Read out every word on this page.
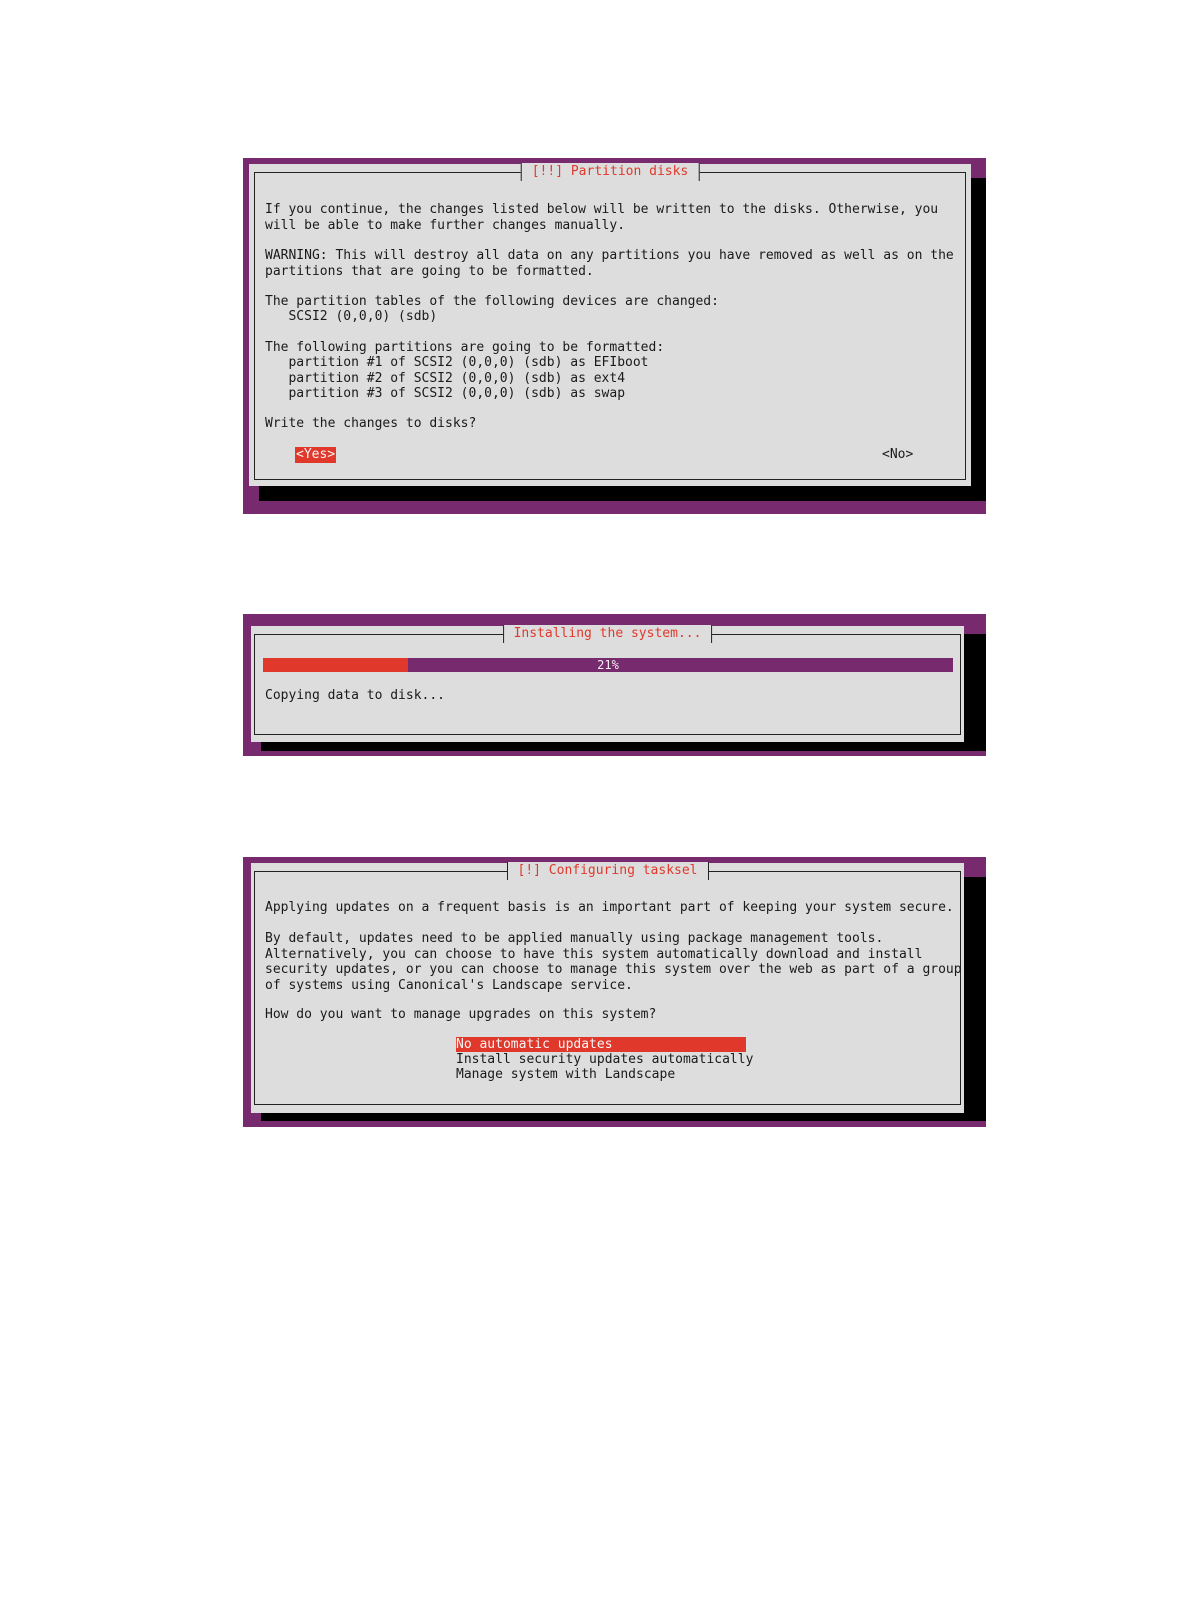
[!!] Partition disks
If you continue, the changes listed below will be written to the disks. Otherwise, you
will be able to make further changes manually.
WARNING: This will destroy all data on any partitions you have removed as well as on the
partitions that are going to be formatted.
The partition tables of the following devices are changed:
SCSI2 (0,0,0) (sdb)
The following partitions are going to be formatted:
partition #1 of SCSI2 (0,0,0) (sdb) as EFIboot
partition #2 of SCSI2 (0,0,0) (sdb) as ext4
partition #3 of SCSI2 (0,0,0) (sdb) as swap
Write the changes to disks?
<Yes>	<No>
Installing the system...
21%
Copying data to disk...
[!] Configuring tasksel
Applying updates on a frequent basis is an important part of keeping your system secure.
By default, updates need to be applied manually using package management tools.
Alternatively, you can choose to have this system automatically download and install
security updates, or you can choose to manage this system over the web as part of a group
of systems using Canonical's Landscape service.
How do you want to manage upgrades on this system?
No automatic updates
Install security updates automatically
Manage system with Landscape
